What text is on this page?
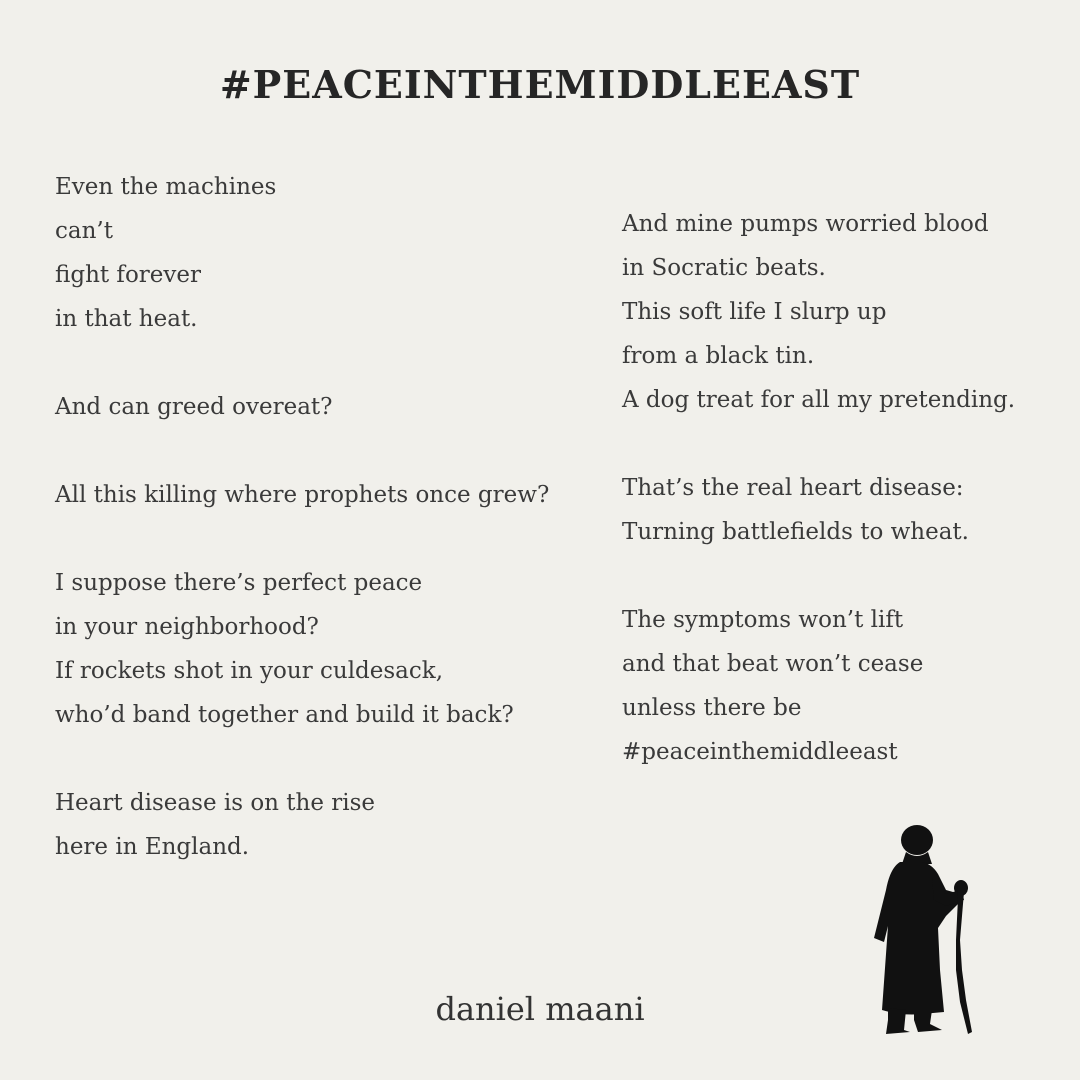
#PEACEINTHEMIDDLEEAST
Even the machines
can’t
fight forever
in that heat.
And can greed overeat?
All this killing where prophets once grew?
I suppose there’s perfect peace
in your neighborhood?
If rockets shot in your culdesack,
who’d band together and build it back?
Heart disease is on the rise
here in England.
And mine pumps worried blood
in Socratic beats.
This soft life I slurp up
from a black tin.
A dog treat for all my pretending.
That’s the real heart disease:
Turning battlefields to wheat.
The symptoms won’t lift
and that beat won’t cease
unless there be
#peaceinthemiddleeast

daniel maani
